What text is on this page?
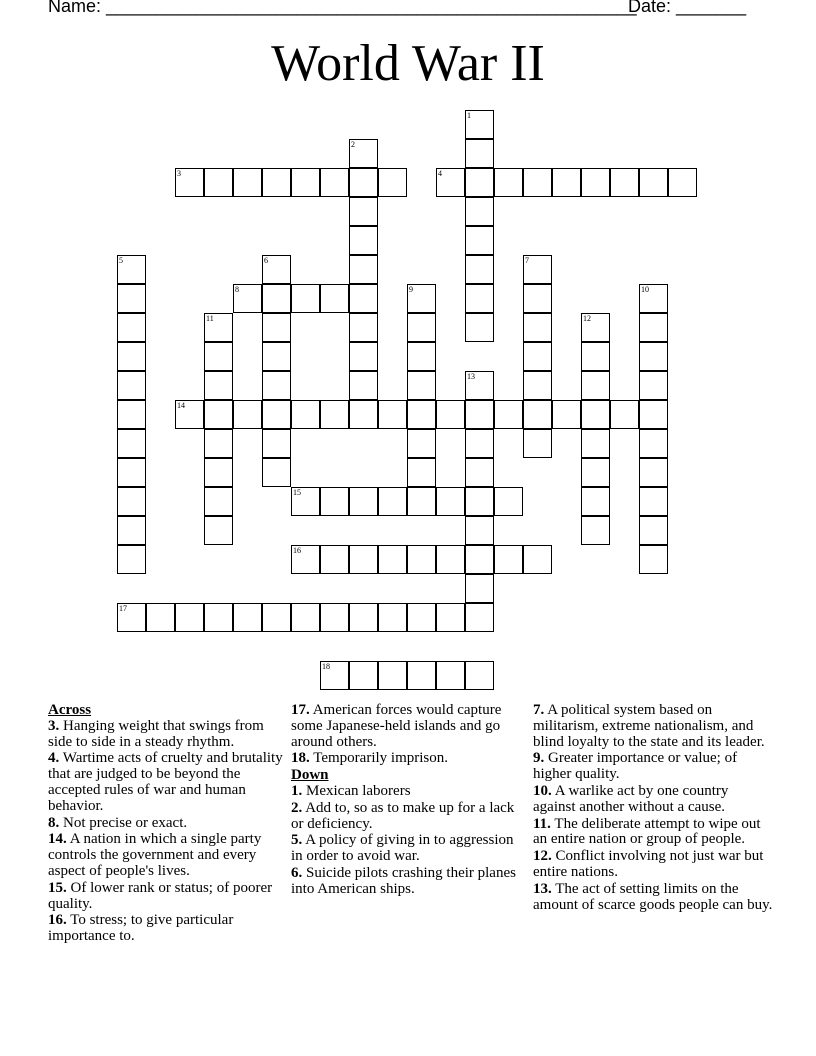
Name: _____________________________________________________
Date: _______
World War II
1
2
3	4
5	6	7
8	9	10
11	12
13
14
15
16
17
18
Across
3. Hanging weight that swings from side to side in a steady rhythm.
4. Wartime acts of cruelty and brutality that are judged to be beyond the accepted rules of war and human behavior.
8. Not precise or exact.
14. A nation in which a single party controls the government and every aspect of people's lives.
15. Of lower rank or status; of poorer quality.
16. To stress; to give particular importance to.
17. American forces would capture some Japanese-held islands and go around others.
18. Temporarily imprison.
Down
1. Mexican laborers
2. Add to, so as to make up for a lack or deficiency.
5. A policy of giving in to aggression in order to avoid war.
6. Suicide pilots crashing their planes into American ships.
7. A political system based on militarism, extreme nationalism, and blind loyalty to the state and its leader.
9. Greater importance or value; of higher quality.
10. A warlike act by one country against another without a cause.
11. The deliberate attempt to wipe out an entire nation or group of people.
12. Conflict involving not just war but entire nations.
13. The act of setting limits on the amount of scarce goods people can buy.
